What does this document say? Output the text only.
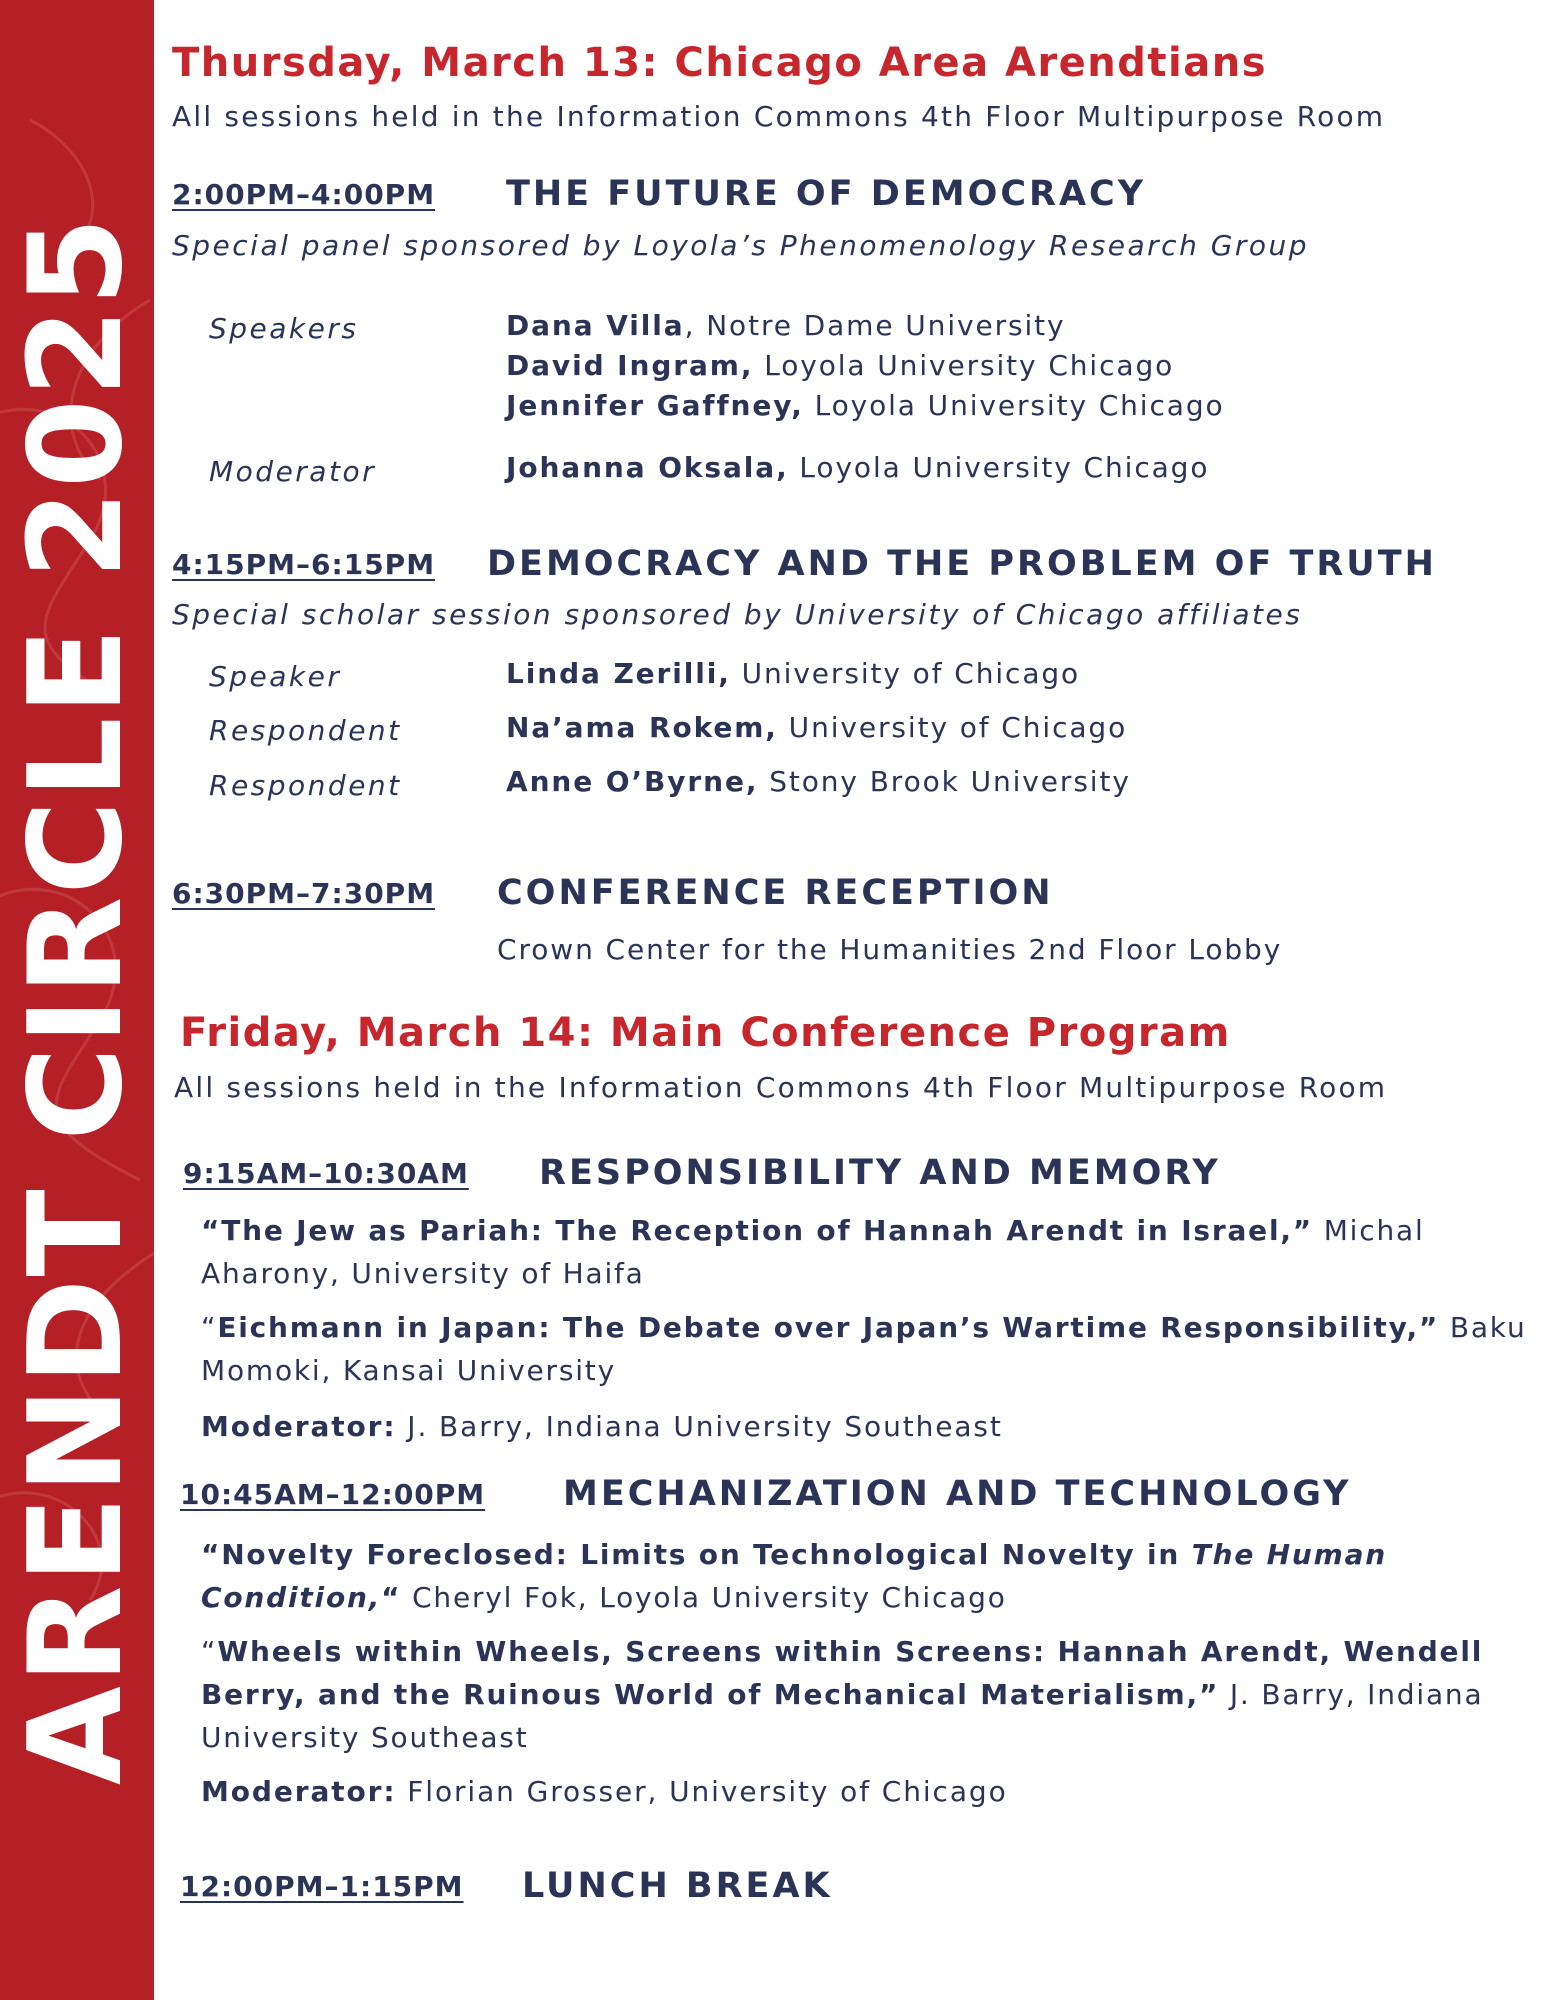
ARENDT CIRCLE 2025
Thursday, March 13: Chicago Area Arendtians
All sessions held in the Information Commons 4th Floor Multipurpose Room
2:00PM–4:00PM THE FUTURE OF DEMOCRACY
Special panel sponsored by Loyola’s Phenomenology Research Group
Speakers	Dana Villa, Notre Dame University
David Ingram, Loyola University Chicago
Jennifer Gaffney, Loyola University Chicago
Moderator	Johanna Oksala, Loyola University Chicago
4:15PM–6:15PM DEMOCRACY AND THE PROBLEM OF TRUTH
Special scholar session sponsored by University of Chicago affiliates
Speaker	Linda Zerilli, University of Chicago
Respondent	Na’ama Rokem, University of Chicago
Respondent	Anne O’Byrne, Stony Brook University
6:30PM–7:30PM CONFERENCE RECEPTION
Crown Center for the Humanities 2nd Floor Lobby
Friday, March 14: Main Conference Program
All sessions held in the Information Commons 4th Floor Multipurpose Room
9:15AM–10:30AM RESPONSIBILITY AND MEMORY
“The Jew as Pariah: The Reception of Hannah Arendt in Israel,” Michal Aharony, University of Haifa
“Eichmann in Japan: The Debate over Japan’s Wartime Responsibility,” Baku Momoki, Kansai University
Moderator: J. Barry, Indiana University Southeast
10:45AM–12:00PM MECHANIZATION AND TECHNOLOGY
“Novelty Foreclosed: Limits on Technological Novelty in The Human Condition,“ Cheryl Fok, Loyola University Chicago
“Wheels within Wheels, Screens within Screens: Hannah Arendt, Wendell Berry, and the Ruinous World of Mechanical Materialism,” J. Barry, Indiana University Southeast
Moderator: Florian Grosser, University of Chicago
12:00PM–1:15PM LUNCH BREAK
